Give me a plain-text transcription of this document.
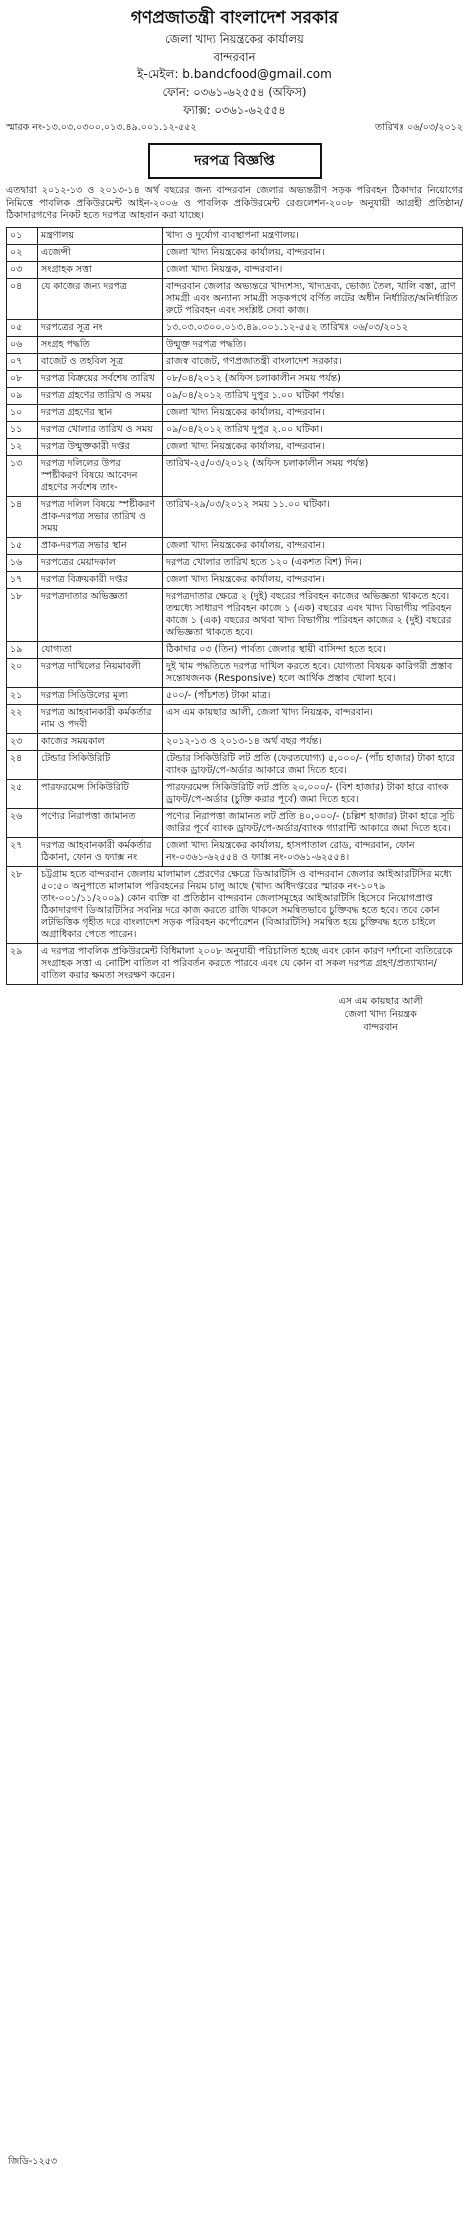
গণপ্রজাতন্ত্রী বাংলাদেশ সরকার
জেলা খাদ্য নিয়ন্ত্রকের কার্যালয়
বান্দরবান
ই-মেইল: b.bandcfood@gmail.com
ফোন: ০৩৬১-৬২৫৫৪ (অফিস)
ফ্যাক্স: ০৩৬১-৬২৫৫৪
স্মারক নং-১৩.০৩.০৩০০.০১৩.৪৯.০০১.১২-৫৫২	তারিখঃ ০৬/০৩/২০১২
দরপত্র বিজ্ঞপ্তি
এতদ্বারা ২০১২-১৩ ও ২০১৩-১৪ অর্থ বছরের জন্য বান্দরবান জেলার অভ্যন্তরীণ সড়ক পরিবহন ঠিকাদার নিয়োগের নিমিত্তে পাবলিক প্রকিউরমেন্ট আইন-২০০৬ ও পাবলিক প্রকিউরমেন্ট রেগুলেশন-২০০৮ অনুযায়ী আগ্রহী প্রতিষ্ঠান/ঠিকাদারগণের নিকট হতে দরপত্র আহবান করা যাচ্ছে।
০১	মন্ত্রণালয়	খাদ্য ও দুর্যোগ ব্যবস্থাপনা মন্ত্রণালয়।
০২	এজেন্সী	জেলা খাদ্য নিয়ন্ত্রকের কার্যালয়, বান্দরবান।
০৩	সংগ্রাহক সত্তা	জেলা খাদ্য নিয়ন্ত্রক, বান্দরবান।
০৪	যে কাজের জন্য দরপত্র	বান্দরবান জেলার অভ্যন্তরে খাদ্যশস্য, খাদ্যদ্রব্য, ভোজ্য তৈল, খালি বস্তা, ত্রাণ সামগ্রী এবং অন্যান্য সামগ্রী সড়কপথে বর্ণিত লটের অধীন নির্ধারিত/অনির্ধারিত রুটে পরিবহন এবং সংশ্লিষ্ট সেবা কাজ।
০৫	দরপত্রের সূত্র নং	১৩.০৩.০৩০০.০১৩.৪৯.০০১.১২-৫৫২ তারিখঃ ০৬/০৩/২০১২
০৬	সংগ্রহ পদ্ধতি	উন্মুক্ত দরপত্র পদ্ধতি।
০৭	বাজেট ও তহবিল সূত্র	রাজস্ব বাজেট, গণপ্রজাতন্ত্রী বাংলাদেশ সরকার।
০৮	দরপত্র বিক্রয়ের সর্বশেষ তারিখ	০৮/০৪/২০১২ (অফিস চলাকালীন সময় পর্যন্ত)
০৯	দরপত্র গ্রহণের তারিখ ও সময়	০৯/০৪/২০১২ তারিখ দুপুর ১.০০ ঘটিকা পর্যন্ত।
১০	দরপত্র গ্রহণের স্থান	জেলা খাদ্য নিয়ন্ত্রকের কার্যালয়, বান্দরবান।
১১	দরপত্র খোলার তারিখ ও সময়	০৯/০৪/২০১২ তারিখ দুপুর ২.০০ ঘটিকা।
১২	দরপত্র উন্মুক্তকারী দপ্তর	জেলা খাদ্য নিয়ন্ত্রকের কার্যালয়, বান্দরবান।
১৩	দরপত্র দলিলের উপর স্পষ্টীকরণ বিষয়ে আবেদন গ্রহণের সর্বশেষ তাং-	তারিখ-২৫/০৩/২০১২ (অফিস চলাকালীন সময় পর্যন্ত)
১৪	দরপত্র দলিল বিষয়ে স্পষ্টীকরণ প্রাক-দরপত্র সভার তারিখ ও সময়	তারিখ-২৯/০৩/২০১২ সময় ১১.০০ ঘটিকা।
১৫	প্রাক-দরপত্র সভার স্থান	জেলা খাদ্য নিয়ন্ত্রকের কার্যালয়, বান্দরবান।
১৬	দরপত্রের মেয়াদকাল	দরপত্র খোলার তারিখ হতে ১২০ (একশত বিশ) দিন।
১৭	দরপত্র বিক্রয়কারী দপ্তর	জেলা খাদ্য নিয়ন্ত্রকের কার্যালয়, বান্দরবান।
১৮	দরপত্রদাতার অভিজ্ঞতা	দরপত্রদাতার ক্ষেত্রে ২ (দুই) বছরের পরিবহন কাজের অভিজ্ঞতা থাকতে হবে। তন্মধ্যে সাধারণ পরিবহন কাজে ১ (এক) বছরের এবং খাদ্য বিভাগীয় পরিবহন কাজে ১ (এক) বছরের অথবা খাদ্য বিভাগীয় পরিবহন কাজের ২ (দুই) বছরের অভিজ্ঞতা থাকতে হবে।
১৯	যোগ্যতা	ঠিকাদার ০৩ (তিন) পার্বত্য জেলার স্থায়ী বাসিন্দা হতে হবে।
২০	দরপত্র দাখিলের নিয়মাবলী	দুই খাম পদ্ধতিতে দরপত্র দাখিল করতে হবে। যোগ্যতা বিষয়ক কারিগরী প্রস্তাব সন্তোষজনক (Responsive) হলে আর্থিক প্রস্তাব খোলা হবে।
২১	দরপত্র সিডিউলের মূল্য	৫০০/- (পাঁচশত) টাকা মাত্র।
২২	দরপত্র আহবানকারী কর্মকর্তার নাম ও পদবী	এস এম কায়ছার আলী, জেলা খাদ্য নিয়ন্ত্রক, বান্দরবান।
২৩	কাজের সময়কাল	২০১২-১৩ ও ২০১৩-১৪ অর্থ বছর পর্যন্ত।
২৪	টেন্ডার সিকিউরিটি	টেন্ডার সিকিউরিটি লট প্রতি (ফেরতযোগ্য) ৫,০০০/- (পাঁচ হাজার) টাকা হারে ব্যাংক ড্রাফট/পে-অর্ডার আকারে জমা দিতে হবে।
২৫	পারফরমেন্স সিকিউরিটি	পারফরমেন্স সিকিউরিটি লট প্রতি ২০,০০০/- (বিশ হাজার) টাকা হারে ব্যাংক ড্রাফট/পে-অর্ডার (চুক্তি করার পূর্বে) জমা দিতে হবে।
২৬	পণ্যের নিরাপত্তা জামানত	পণ্যের নিরাপত্তা জামানত লট প্রতি ৪০,০০০/- (চল্লিশ হাজার) টাকা হারে সূচি জারির পূর্বে ব্যাংক ড্রাফট/পে-অর্ডার/ব্যাংক গ্যারান্টি আকারে জমা দিতে হবে।
২৭	দরপত্র আহবানকারী কর্মকর্তার ঠিকানা, ফোন ও ফ্যাক্স নং	জেলা খাদ্য নিয়ন্ত্রকের কার্যালয়, হাসপাতাল রোড, বান্দরবান, ফোন নং-০৩৬১-৬২৫৫৪ ও ফ্যাক্স নং-০৩৬১-৬২৫৫৪।
২৮	চট্টগ্রাম হতে বান্দরবান জেলায় মালামাল প্রেরণের ক্ষেত্রে ডিআরটিসি ও বান্দরবান জেলার আইআরটিসির মধ্যে ৫০:৫০ অনুপাতে মালামাল পরিবহনের নিয়ম চালু আছে (খাদ্য অধিদপ্তরের স্মারক নং-১০৭৯ তাং-০০১/১১/২০০৯) কোন ব্যক্তি বা প্রতিষ্ঠান বান্দরবান জেলাসমূহের আইআরটিসি হিসেবে নিয়োগপ্রাপ্ত ঠিকাদারগণ ডিআরটিসির সবনিম্ন দরে কাজ করতে রাজি থাকলে সমন্বিতভাবে চুক্তিবদ্ধ হতে হবে। তবে কোন লটভিত্তিক গৃহীত দরে বাংলাদেশ সড়ক পরিবহন কর্পোরেশন (বিআরটিসি) সমন্বিত হয়ে চুক্তিবদ্ধ হতে চাইলে অগ্রাধিকার পেতে পারেন।	
২৯	এ দরপত্র পাবলিক প্রকিউরমেন্ট বিধিমালা ২০০৮ অনুযায়ী পরিচালিত হচ্ছে এবং কোন কারণ দর্শানো ব্যতিরেকে সংগ্রাহক সত্তা এ নোটিশ বাতিল বা পরিবর্তন করতে পারবে এবং যে কোন বা সকল দরপত্র গ্রহণ/প্রত্যাখ্যান/বাতিল করার ক্ষমতা সংরক্ষণ করেন।	
এস এম কায়ছার আলী
জেলা খাদ্য নিয়ন্ত্রক
বান্দরবান
জিডি-১২৫৩
